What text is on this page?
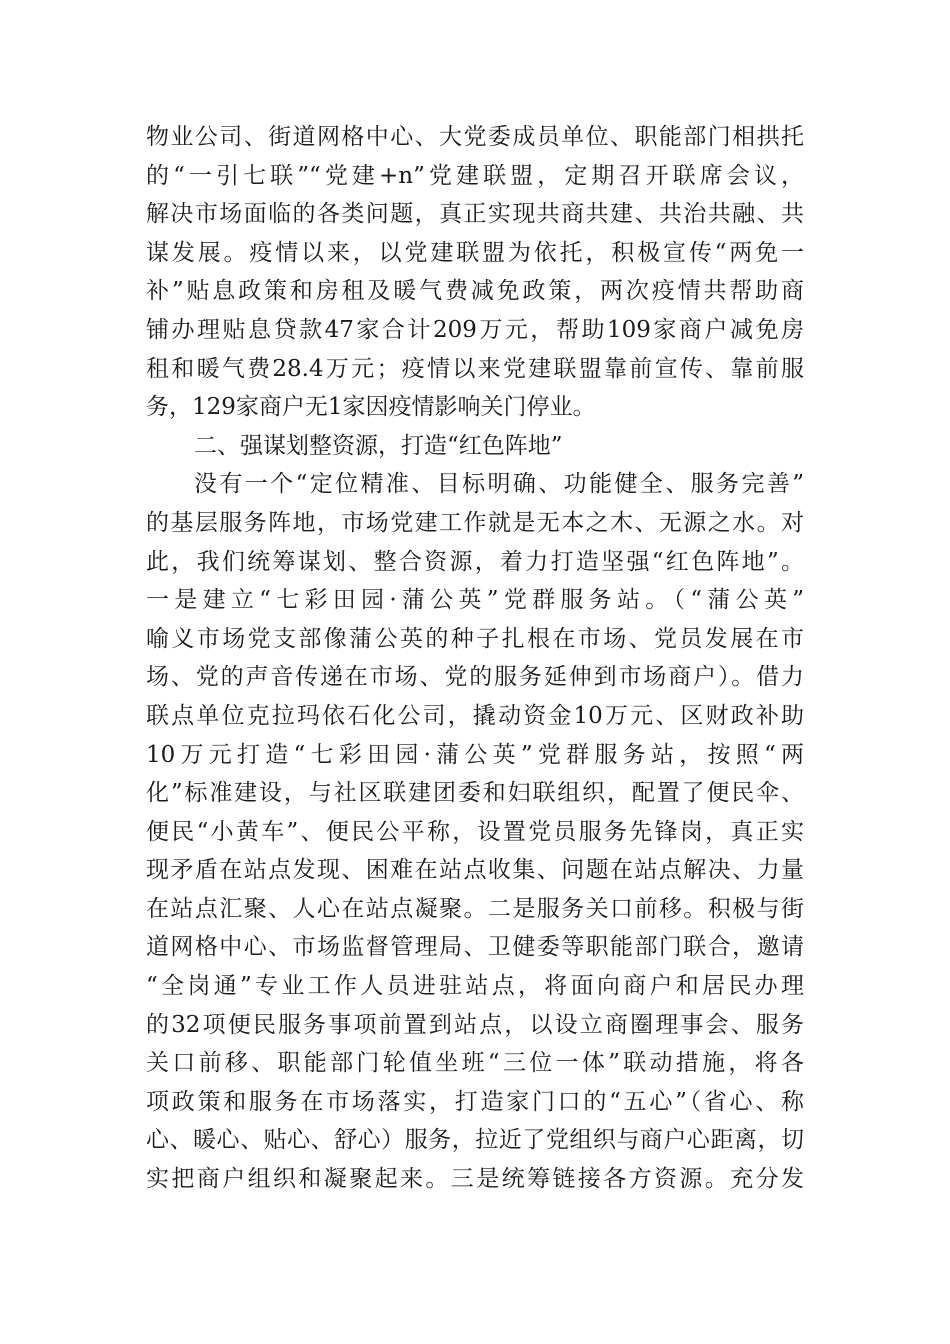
物业公司、街道网格中心、大党委成员单位、职能部门相拱托
的“一引七联”“党建+n”党建联盟，定期召开联席会议，
解决市场面临的各类问题，真正实现共商共建、共治共融、共
谋发展。疫情以来，以党建联盟为依托，积极宣传“两免一
补”贴息政策和房租及暖气费减免政策，两次疫情共帮助商
铺办理贴息贷款47家合计209万元，帮助109家商户减免房
租和暖气费28.4万元；疫情以来党建联盟靠前宣传、靠前服
务，129家商户无1家因疫情影响关门停业。
二、强谋划整资源，打造“红色阵地”
没有一个“定位精准、目标明确、功能健全、服务完善”
的基层服务阵地，市场党建工作就是无本之木、无源之水。对
此，我们统筹谋划、整合资源，着力打造坚强“红色阵地”。
一是建立“七彩田园·蒲公英”党群服务站。（“蒲公英”
喻义市场党支部像蒲公英的种子扎根在市场、党员发展在市
场、党的声音传递在市场、党的服务延伸到市场商户）。借力
联点单位克拉玛依石化公司，撬动资金10万元、区财政补助
10万元打造“七彩田园·蒲公英”党群服务站，按照“两
化”标准建设，与社区联建团委和妇联组织，配置了便民伞、
便民“小黄车”、便民公平称，设置党员服务先锋岗，真正实
现矛盾在站点发现、困难在站点收集、问题在站点解决、力量
在站点汇聚、人心在站点凝聚。二是服务关口前移。积极与街
道网格中心、市场监督管理局、卫健委等职能部门联合，邀请
“全岗通”专业工作人员进驻站点，将面向商户和居民办理
的32项便民服务事项前置到站点，以设立商圈理事会、服务
关口前移、职能部门轮值坐班“三位一体”联动措施，将各
项政策和服务在市场落实，打造家门口的“五心”（省心、称
心、暖心、贴心、舒心）服务，拉近了党组织与商户心距离，切
实把商户组织和凝聚起来。三是统筹链接各方资源。充分发
